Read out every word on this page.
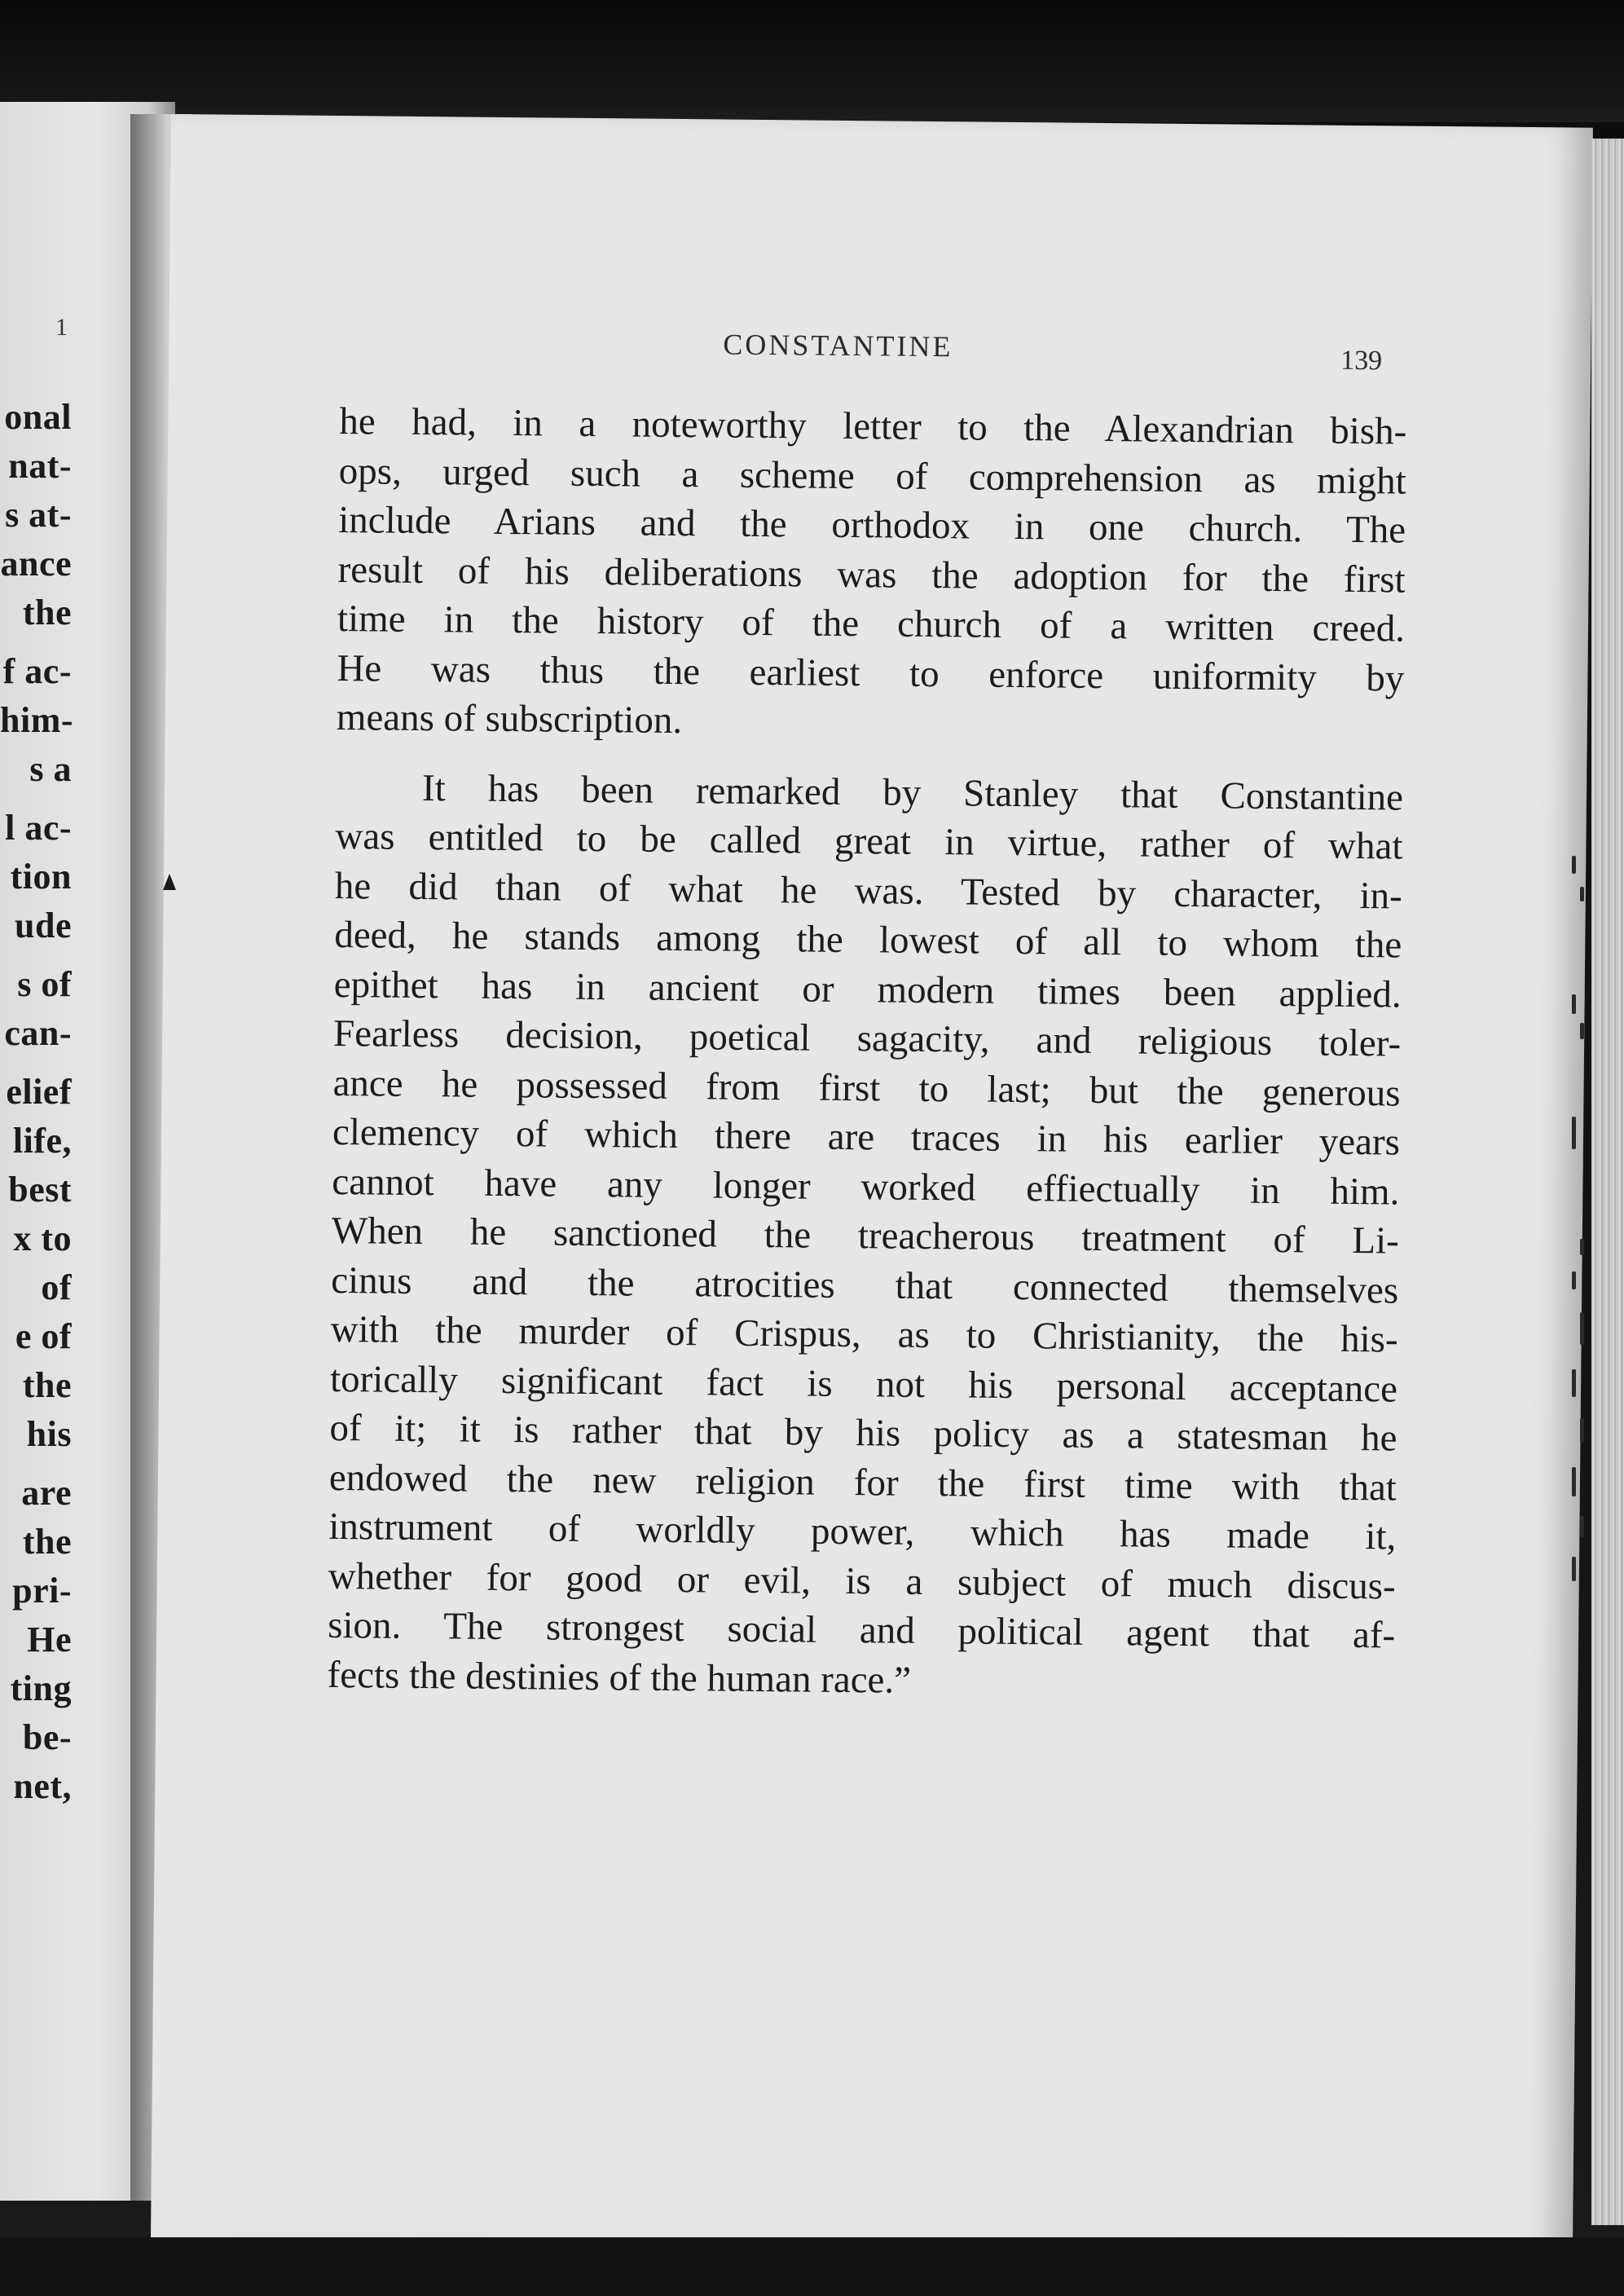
1
onal
nat-
s at-
ance
the
f ac-
him-
s a
l ac-
tion
ude
s of
can-
elief
life,
best
x to
of
e of
the
his
are
the
pri-
He
ting
be-
net,
CONSTANTINE	139
he had, in a noteworthy letter to the Alexandrian bish-
ops, urged such a scheme of comprehension as might
include Arians and the orthodox in one church. The
result of his deliberations was the adoption for the first
time in the history of the church of a written creed.
He was thus the earliest to enforce uniformity by
means of subscription.
It has been remarked by Stanley that Constantine
was entitled to be called great in virtue, rather of what
he did than of what he was. Tested by character, in-
deed, he stands among the lowest of all to whom the
epithet has in ancient or modern times been applied.
Fearless decision, poetical sagacity, and religious toler-
ance he possessed from first to last; but the generous
clemency of which there are traces in his earlier years
cannot have any longer worked effiectually in him.
When he sanctioned the treacherous treatment of Li-
cinus and the atrocities that connected themselves
with the murder of Crispus, as to Christianity, the his-
torically significant fact is not his personal acceptance
of it; it is rather that by his policy as a statesman he
endowed the new religion for the first time with that
instrument of worldly power, which has made it,
whether for good or evil, is a subject of much discus-
sion. The strongest social and political agent that af-
fects the destinies of the human race.”
